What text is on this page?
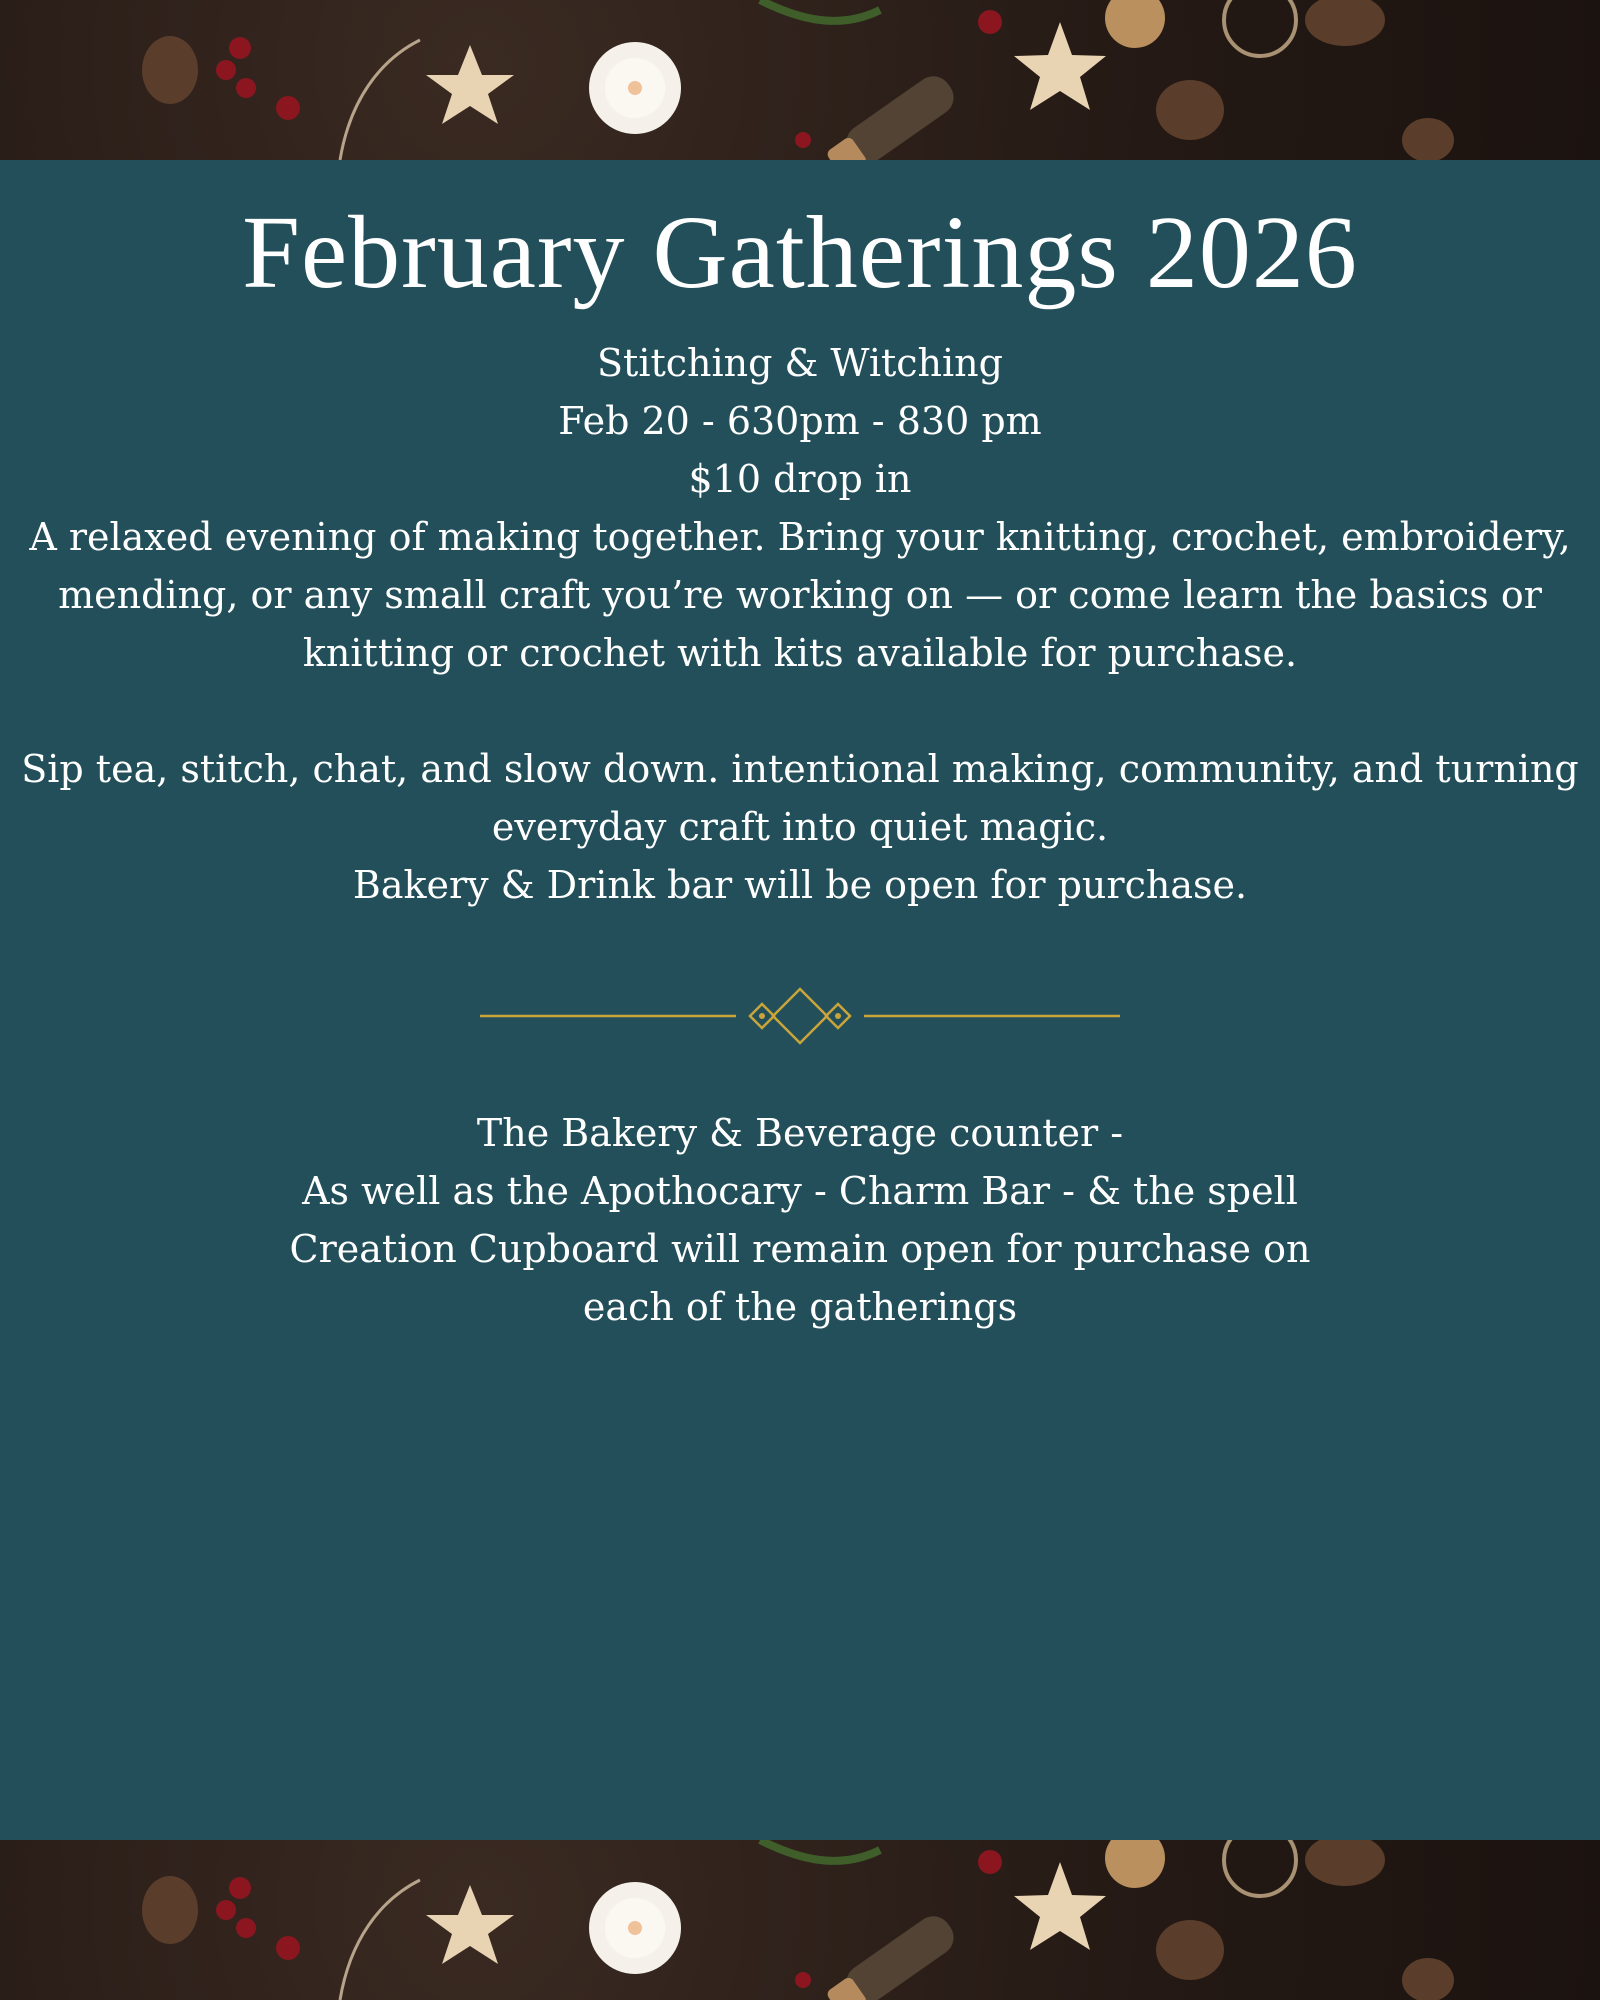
February Gatherings 2026

Stitching & Witching

Feb 20 - 630pm - 830 pm

$10 drop in

A relaxed evening of making together. Bring your knitting, crochet, embroidery, mending, or any small craft you’re working on — or come learn the basics or knitting or crochet with kits available for purchase.

Sip tea, stitch, chat, and slow down. intentional making, community, and turning everyday craft into quiet magic.

Bakery & Drink bar will be open for purchase.

The Bakery & Beverage counter -

As well as the Apothocary - Charm Bar - & the spell

Creation Cupboard will remain open for purchase on

each of the gatherings
